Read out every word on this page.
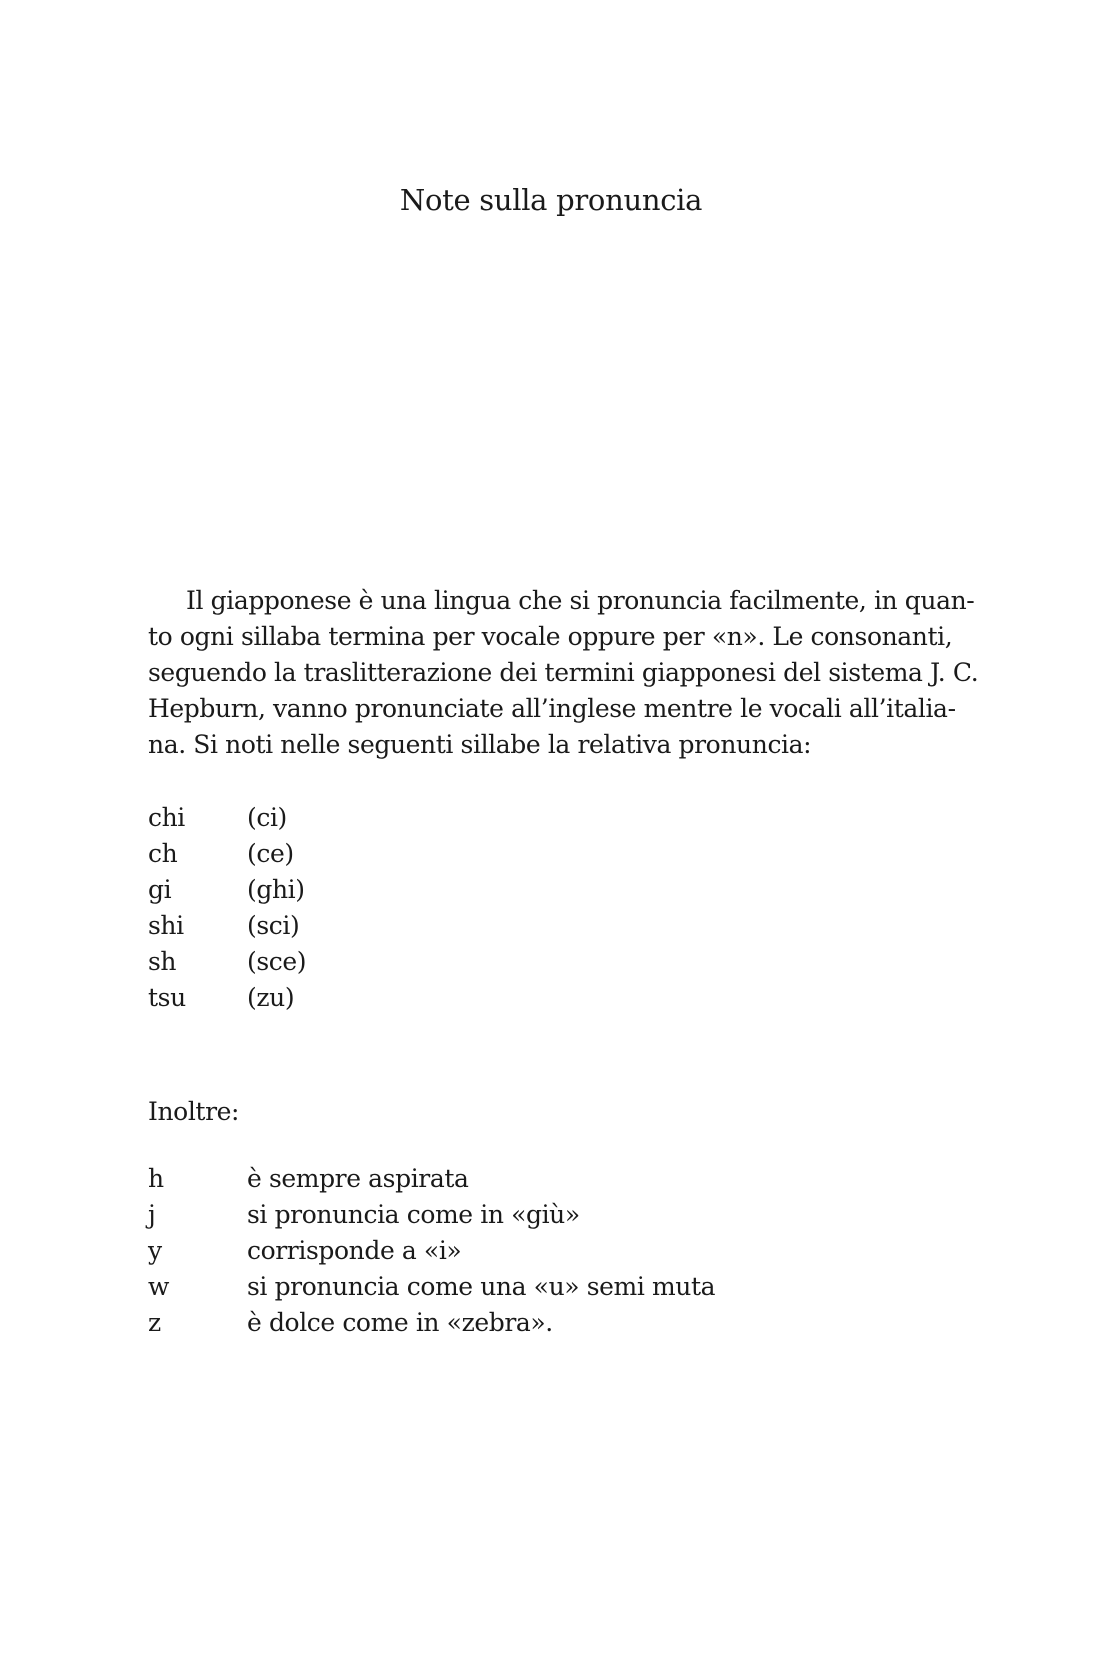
Note sulla pronuncia

Il giapponese è una lingua che si pronuncia facilmente, in quan-
to ogni sillaba termina per vocale oppure per «n». Le consonanti,
seguendo la traslitterazione dei termini giapponesi del sistema J. C.
Hepburn, vanno pronunciate all’inglese mentre le vocali all’italia-
na. Si noti nelle seguenti sillabe la relativa pronuncia:

chi	(ci)
ch	(ce)
gi	(ghi)
shi	(sci)
sh	(sce)
tsu	(zu)
Inoltre:
h	è sempre aspirata
j	si pronuncia come in «giù»
y	corrisponde a «i»
w	si pronuncia come una «u» semi muta
z	è dolce come in «zebra».
